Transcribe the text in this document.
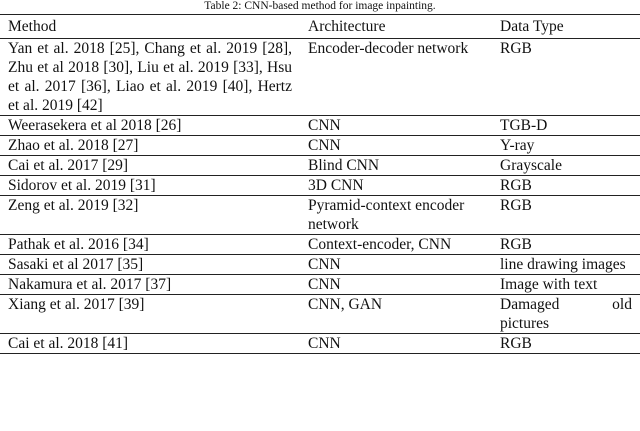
Table 2: CNN-based method for image inpainting.
Method	Architecture	Data Type
Yan et al. 2018 [25], Chang et al. 2019 [28], Zhu et al 2018 [30], Liu et al. 2019 [33], Hsu et al. 2017 [36], Liao et al. 2019 [40], Hertz et al. 2019 [42]	Encoder-decoder network	RGB
Weerasekera et al 2018 [26]	CNN	TGB-D
Zhao et al. 2018 [27]	CNN	Y-ray
Cai et al. 2017 [29]	Blind CNN	Grayscale
Sidorov et al. 2019 [31]	3D CNN	RGB
Zeng et al. 2019 [32]	Pyramid-context encoder network	RGB
Pathak et al. 2016 [34]	Context-encoder, CNN	RGB
Sasaki et al 2017 [35]	CNN	line drawing images
Nakamura et al. 2017 [37]	CNN	Image with text
Xiang et al. 2017 [39]	CNN, GAN	Damaged old pictures
Cai et al. 2018 [41]	CNN	RGB
